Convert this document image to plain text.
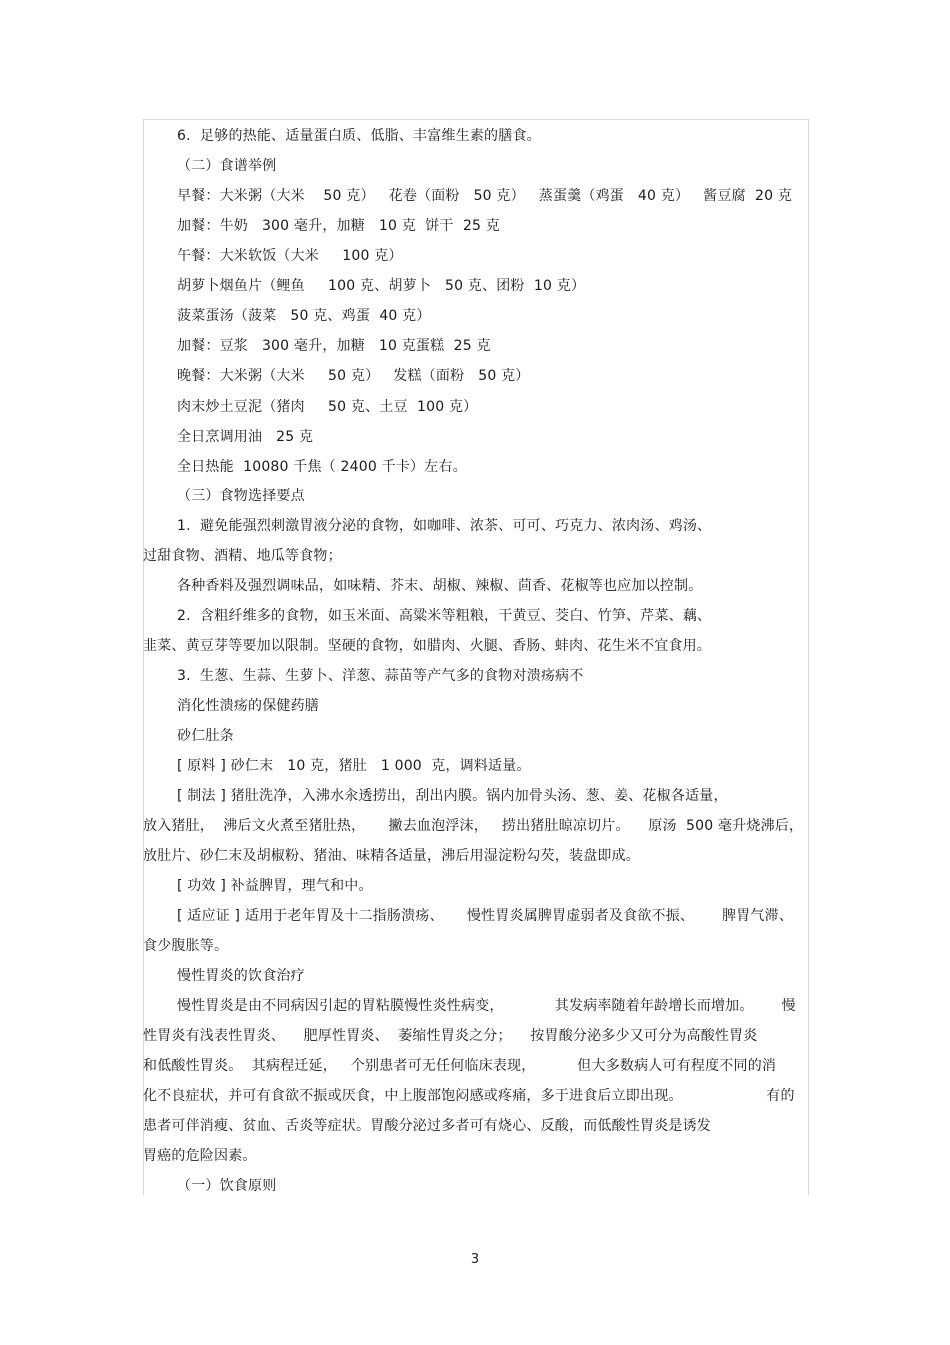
6.  足够的热能、适量蛋白质、低脂、丰富维生素的膳食。
（二）食谱举例
早餐：大米粥（大米    50 克）   花卷（面粉   50 克）   蒸蛋羹（鸡蛋   40 克）   酱豆腐  20 克
加餐：牛奶   300 毫升，加糖   10 克  饼干  25 克
午餐：大米软饭（大米     100 克）
胡萝卜烟鱼片（鲤鱼     100 克、胡萝卜   50 克、团粉  10 克）
菠菜蛋汤（菠菜   50 克、鸡蛋  40 克）
加餐：豆浆   300 毫升，加糖   10 克蛋糕  25 克
晚餐：大米粥（大米     50 克）   发糕（面粉   50 克）
肉末炒土豆泥（猪肉     50 克、土豆  100 克）
全日烹调用油   25 克
全日热能  10080 千焦（ 2400 千卡）左右。
（三）食物选择要点
1.  避免能强烈刺激胃液分泌的食物，如咖啡、浓茶、可可、巧克力、浓肉汤、鸡汤、
过甜食物、酒精、地瓜等食物；
各种香料及强烈调味品，如味精、芥末、胡椒、辣椒、茴香、花椒等也应加以控制。
2.  含粗纤维多的食物，如玉米面、高粱米等粗粮，干黄豆、茭白、竹笋、芹菜、藕、
韭菜、黄豆芽等要加以限制。坚硬的食物，如腊肉、火腿、香肠、蚌肉、花生米不宜食用。
3.  生葱、生蒜、生萝卜、洋葱、蒜苗等产气多的食物对溃疡病不
消化性溃疡的保健药膳
砂仁肚条
[ 原料 ] 砂仁末   10 克，猪肚   1 000  克，调料适量。
[ 制法 ] 猪肚洗净，入沸水汆透捞出，刮出内膜。锅内加骨头汤、葱、姜、花椒各适量，
放入猪肚，  沸后文火煮至猪肚热，     撇去血泡浮沫，   捞出猪肚晾凉切片。    原汤  500 毫升烧沸后，
放肚片、砂仁末及胡椒粉、猪油、味精各适量，沸后用湿淀粉勾芡，装盘即成。
[ 功效 ] 补益脾胃，理气和中。
[ 适应证 ] 适用于老年胃及十二指肠溃疡、     慢性胃炎属脾胃虚弱者及食欲不振、      脾胃气滞、
食少腹胀等。
慢性胃炎的饮食治疗
慢性胃炎是由不同病因引起的胃粘膜慢性炎性病变，           其发病率随着年龄增长而增加。      慢
性胃炎有浅表性胃炎、    肥厚性胃炎、  萎缩性胃炎之分；    按胃酸分泌多少又可分为高酸性胃炎
和低酸性胃炎。  其病程迁延，   个别患者可无任何临床表现，         但大多数病人可有程度不同的消
化不良症状，并可有食欲不振或厌食，中上腹部饱闷感或疼痛，多于进食后立即出现。                  有的
患者可伴消瘦、贫血、舌炎等症状。胃酸分泌过多者可有烧心、反酸，而低酸性胃炎是诱发
胃癌的危险因素。
（一）饮食原则
3
